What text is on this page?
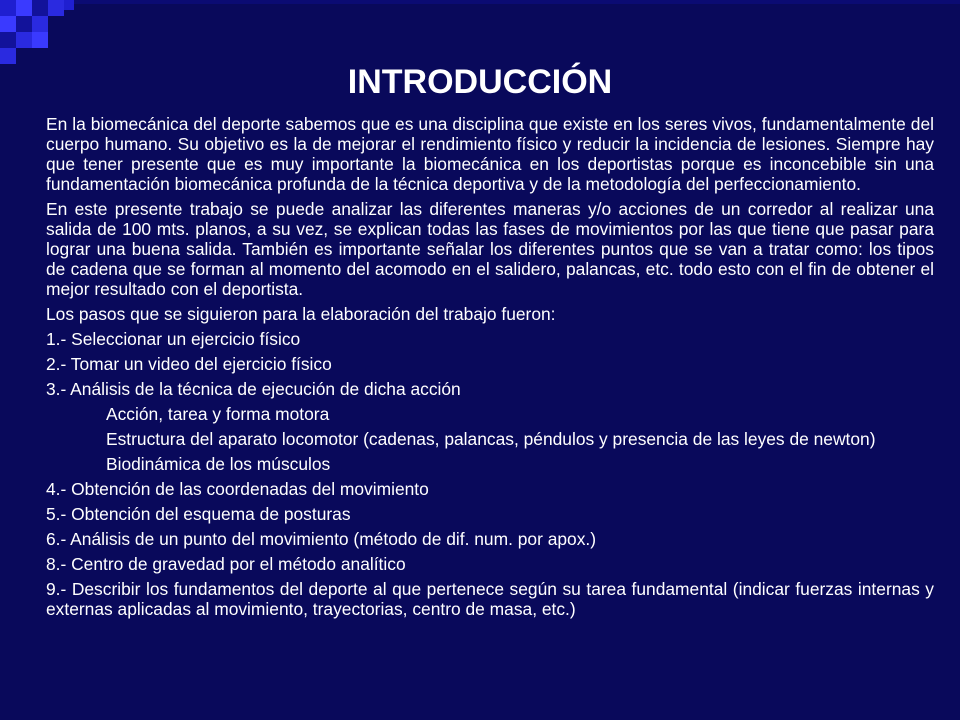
INTRODUCCIÓN

En la biomecánica del deporte sabemos que es una disciplina que existe en los seres vivos, fundamentalmente del cuerpo humano. Su objetivo es la de mejorar el rendimiento físico y reducir la incidencia de lesiones. Siempre hay que tener presente que es muy importante la biomecánica en los deportistas porque es inconcebible sin una fundamentación biomecánica profunda de la técnica deportiva y de la metodología del perfeccionamiento.

En este presente trabajo se puede analizar las diferentes maneras y/o acciones de un corredor al realizar una salida de 100 mts. planos, a su vez, se explican todas las fases de movimientos por las que tiene que pasar para lograr una buena salida. También es importante señalar los diferentes puntos que se van a tratar como: los tipos de cadena que se forman al momento del acomodo en el salidero, palancas, etc. todo esto con el fin de obtener el mejor resultado con el deportista.

Los pasos que se siguieron para la elaboración del trabajo fueron:

1.- Seleccionar un ejercicio físico

2.- Tomar un video del ejercicio físico

3.- Análisis de la técnica de ejecución de dicha acción

Acción, tarea y forma motora

Estructura del aparato locomotor (cadenas, palancas, péndulos y presencia de las leyes de newton)

Biodinámica de los músculos

4.- Obtención de las coordenadas del movimiento

5.- Obtención del esquema de posturas

6.- Análisis de un punto del movimiento (método de dif. num. por apox.)

8.- Centro de gravedad por el método analítico

9.- Describir los fundamentos del deporte al que pertenece según su tarea fundamental (indicar fuerzas internas y externas aplicadas al movimiento, trayectorias, centro de masa, etc.)
